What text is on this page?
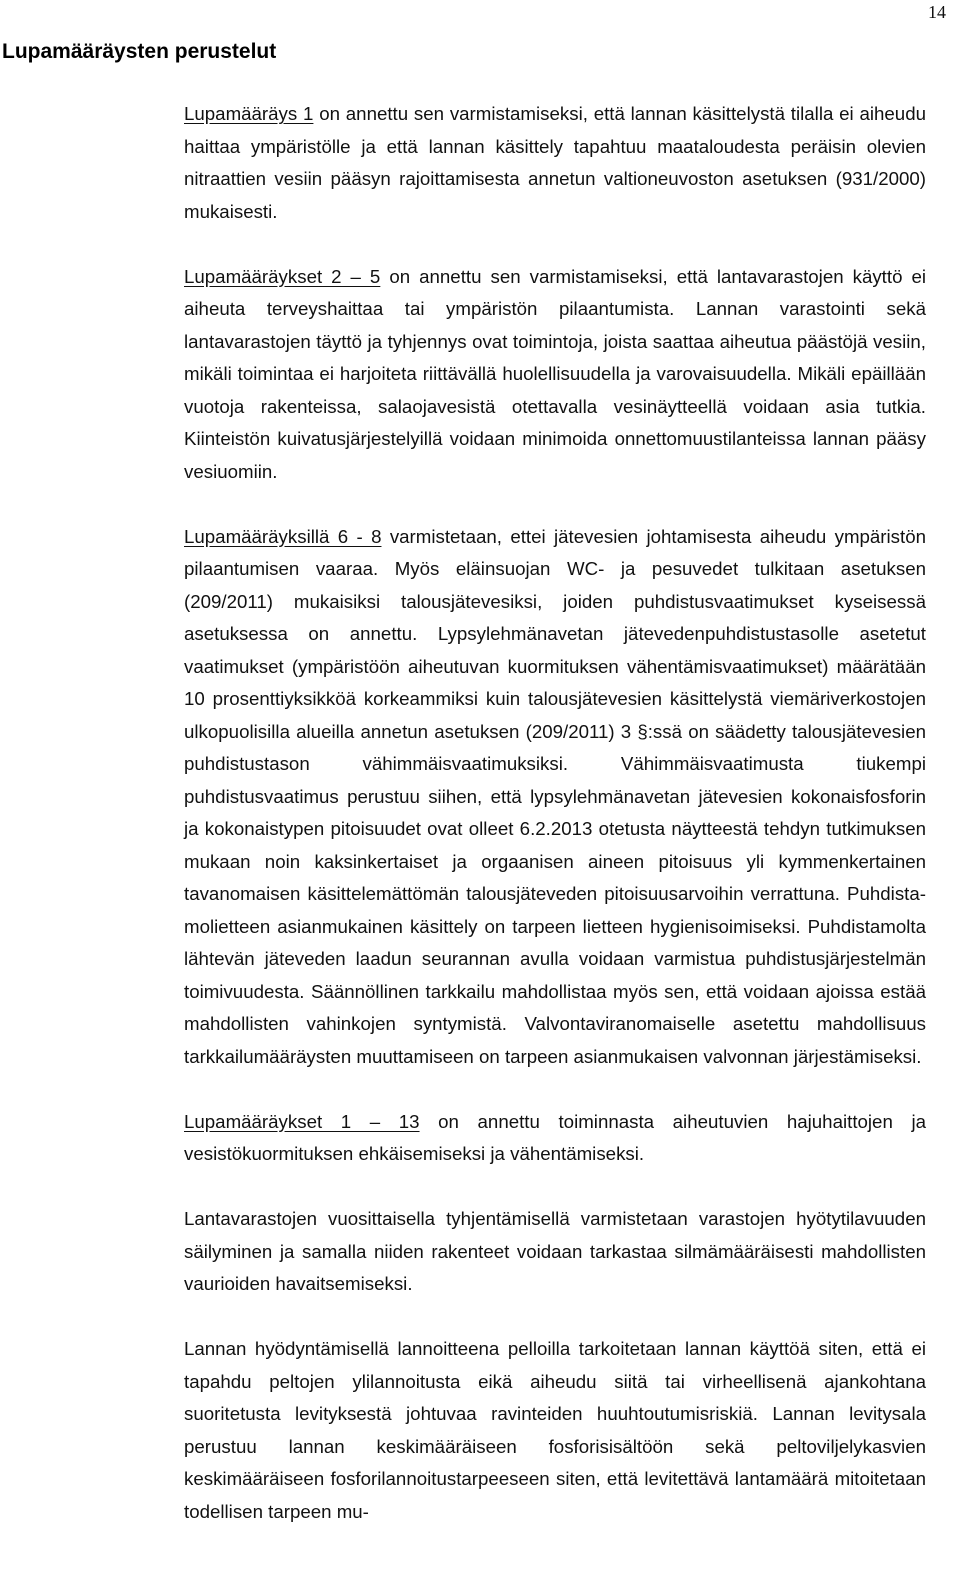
14
Lupamääräysten perustelut

Lupamääräys 1 on annettu sen varmistamiseksi, että lannan käsittelystä tilalla ei aiheudu haittaa ympäristölle ja että lannan käsittely tapahtuu maataloudesta peräisin olevien nitraattien vesiin pääsyn rajoittamisesta annetun valtioneuvoston asetuksen (931/2000) mukaisesti.

Lupamääräykset 2 – 5 on annettu sen varmistamiseksi, että lantavarastojen käyttö ei aiheuta terveyshaittaa tai ympäristön pilaantumista. Lannan varastointi sekä lantavarastojen täyttö ja tyhjennys ovat toimintoja, joista saattaa aiheutua päästöjä vesiin, mikäli toimintaa ei harjoiteta riittävällä huolellisuudella ja varovaisuudella. Mikäli epäillään vuotoja rakenteissa, salaojavesistä otettavalla vesinäytteellä voidaan asia tutkia. Kiinteistön kuivatusjärjestelyillä voidaan minimoida onnettomuustilanteissa lannan pääsy vesiuomiin.

Lupamääräyksillä 6 - 8 varmistetaan, ettei jätevesien johtamisesta aiheudu ympäristön pilaantumisen vaaraa. Myös eläinsuojan WC- ja pesuvedet tulkitaan asetuksen (209/2011) mukaisiksi talousjätevesiksi, joiden puhdistusvaatimukset kyseisessä asetuksessa on annettu. Lypsylehmänavetan jätevedenpuhdistustasolle asetetut vaatimukset (ympäristöön aiheutuvan kuormituksen vähentämisvaatimukset) määrätään 10 prosenttiyksikköä korkeammiksi kuin talousjätevesien käsittelystä viemäriverkostojen ulkopuolisilla alueilla annetun asetuksen (209/2011) 3 §:ssä on säädetty talousjätevesien puhdistustason vähimmäisvaatimuksiksi. Vähimmäisvaatimusta tiukempi puhdistusvaatimus perustuu siihen, että lypsylehmänavetan jätevesien kokonaisfosforin ja kokonaistypen pitoisuudet ovat olleet 6.2.2013 otetusta näytteestä tehdyn tutkimuksen mukaan noin kaksinkertaiset ja orgaanisen aineen pitoisuus yli kymmenkertainen tavanomaisen käsittelemättömän talousjäteveden pitoisuusarvoihin verrattuna. Puhdistamolietteen asianmukainen käsittely on tarpeen lietteen hygienisoimiseksi. Puhdistamolta lähtevän jäteveden laadun seurannan avulla voidaan varmistua puhdistusjärjestelmän toimivuudesta. Säännöllinen tarkkailu mahdollistaa myös sen, että voidaan ajoissa estää mahdollisten vahinkojen syntymistä. Valvontaviranomaiselle asetettu mahdollisuus tarkkailumääräysten muuttamiseen on tarpeen asianmukaisen valvonnan järjestämiseksi.

Lupamääräykset 1 – 13 on annettu toiminnasta aiheutuvien hajuhaittojen ja vesistökuormituksen ehkäisemiseksi ja vähentämiseksi.

Lantavarastojen vuosittaisella tyhjentämisellä varmistetaan varastojen hyötytilavuuden säilyminen ja samalla niiden rakenteet voidaan tarkastaa silmämääräisesti mahdollisten vaurioiden havaitsemiseksi.

Lannan hyödyntämisellä lannoitteena pelloilla tarkoitetaan lannan käyttöä siten, että ei tapahdu peltojen ylilannoitusta eikä aiheudu siitä tai virheellisenä ajankohtana suoritetusta levityksestä johtuvaa ravinteiden huuhtoutumisriskiä. Lannan levitysala perustuu lannan keskimääräiseen fosforisisältöön sekä peltoviljelykasvien keskimääräiseen fosforilannoitustarpeeseen siten, että levitettävä lantamäärä mitoitetaan todellisen tarpeen mu-
